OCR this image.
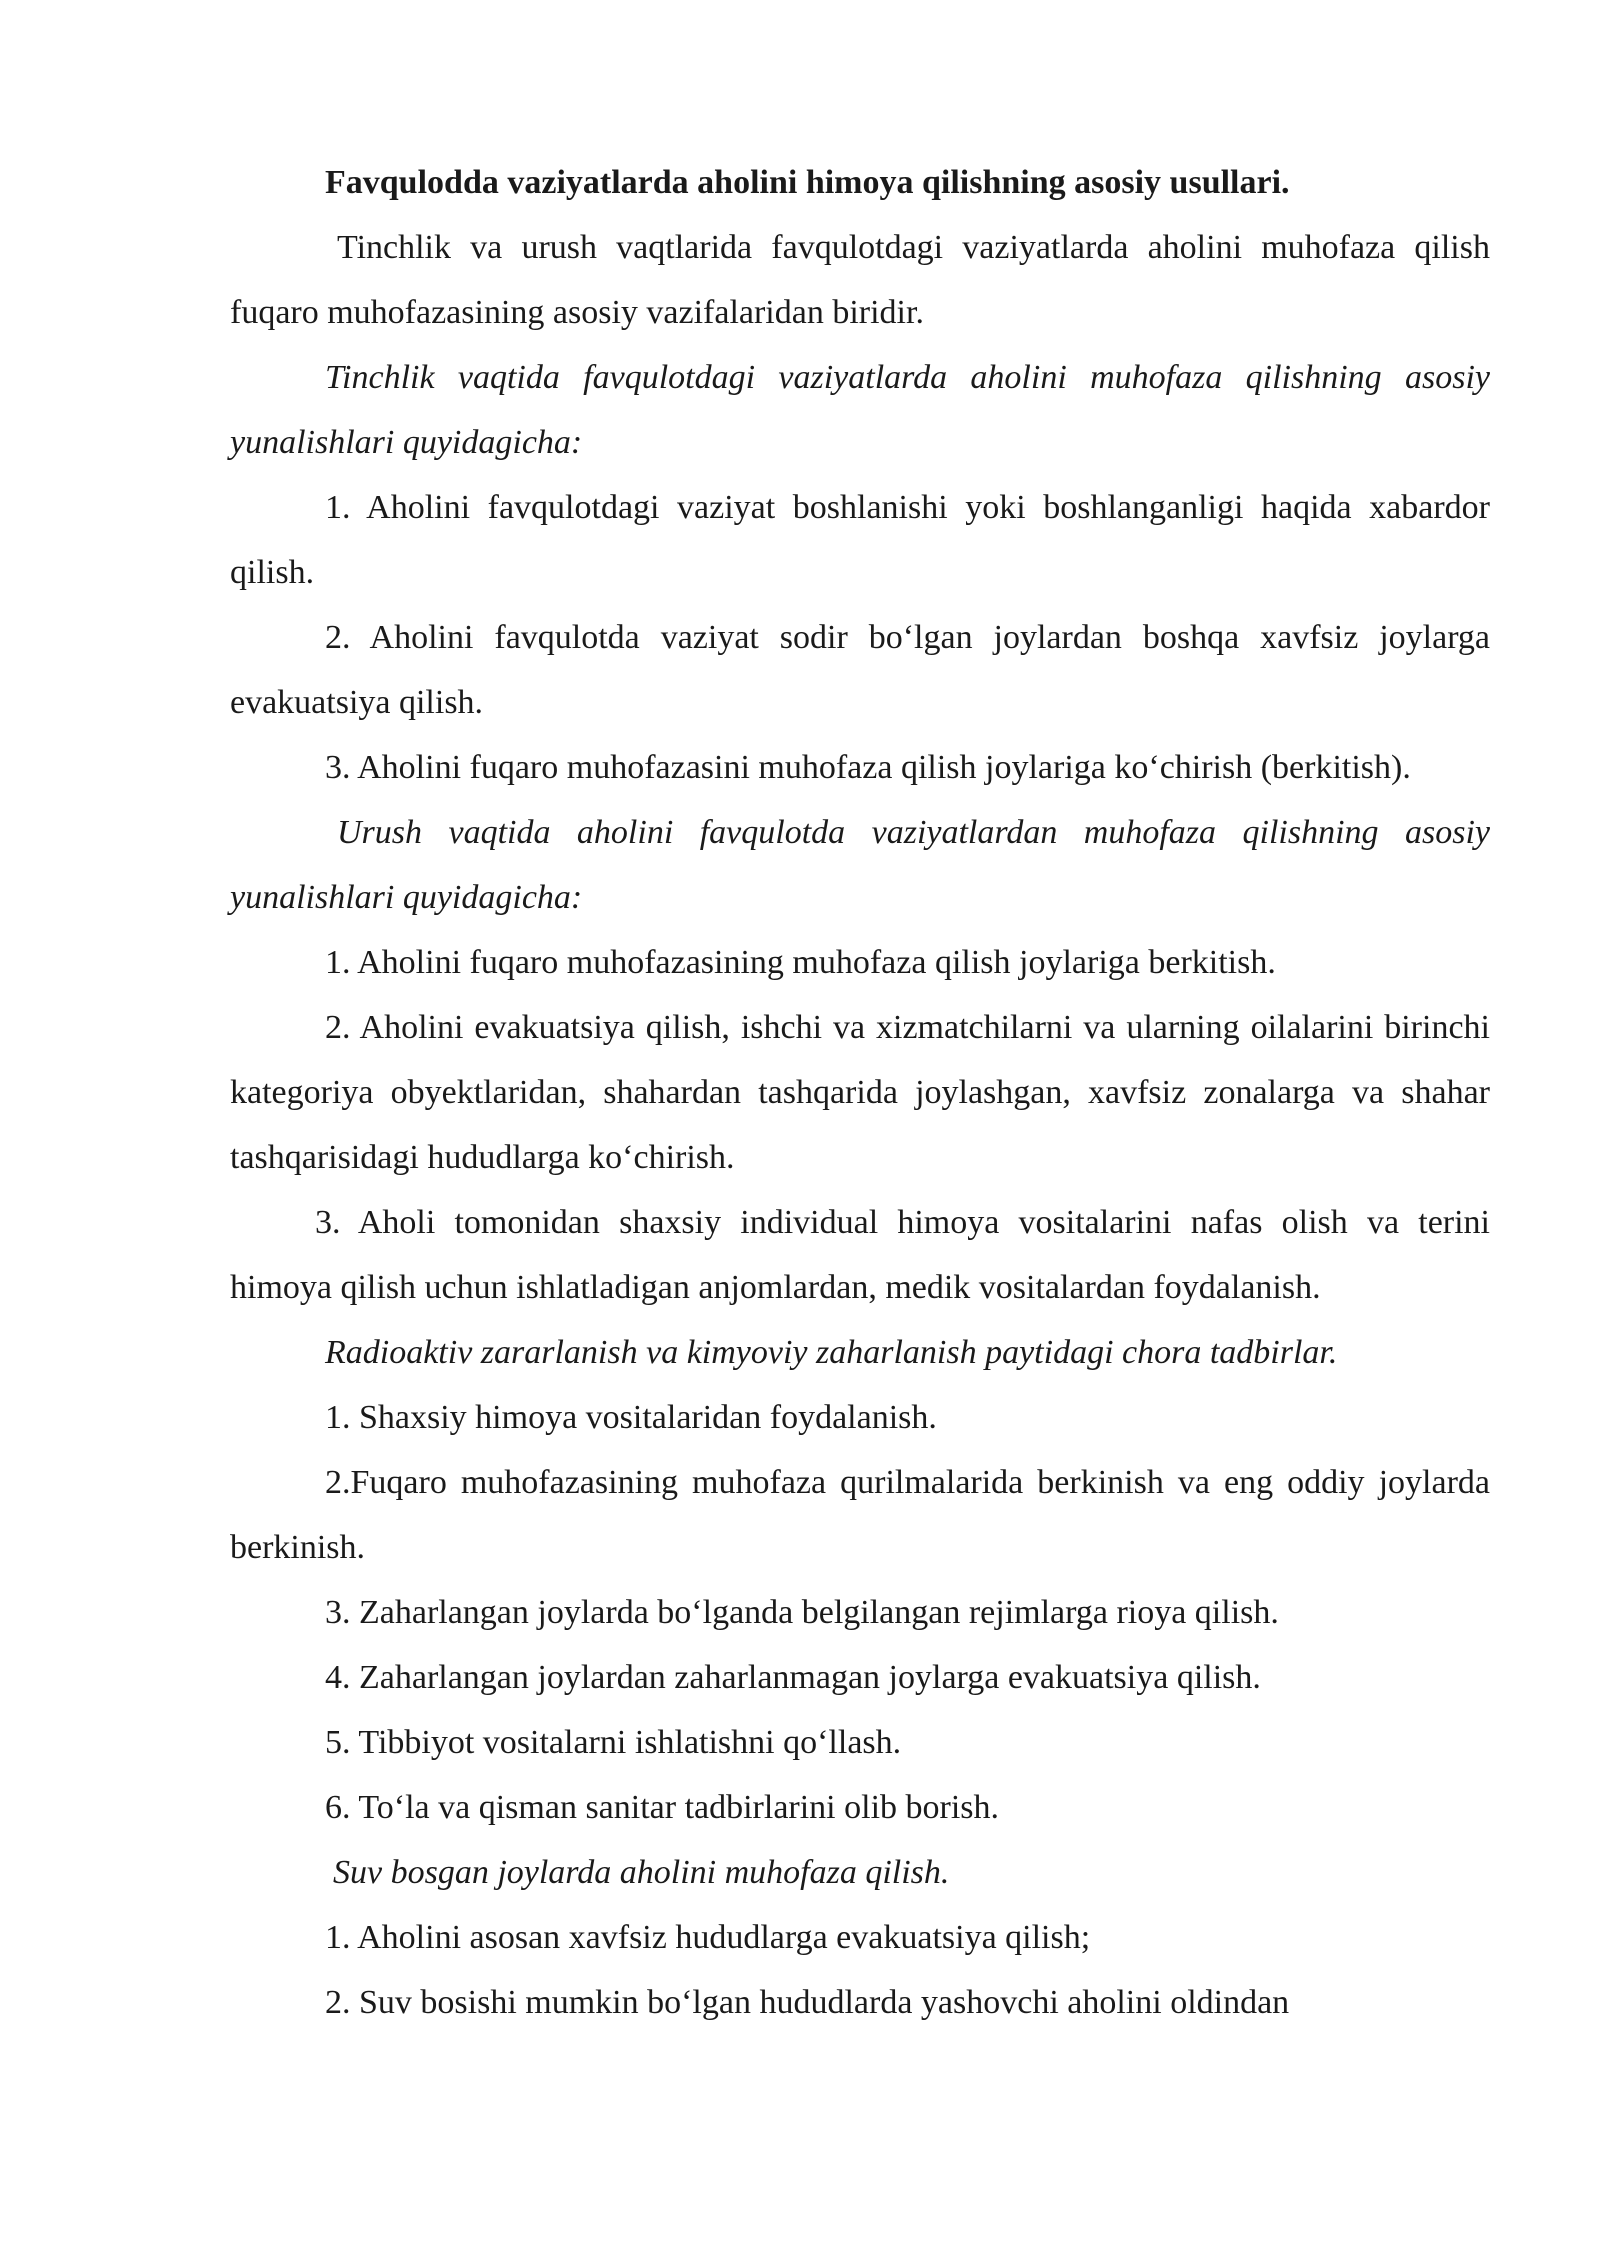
Favqulodda vaziyatlarda aholini himoya qilishning asosiy usullari.

Tinchlik va urush vaqtlarida favqulotdagi vaziyatlarda aholini muhofaza qilish fuqaro muhofazasining asosiy vazifalaridan biridir.

Tinchlik vaqtida favqulotdagi vaziyatlarda aholini muhofaza qilishning asosiy yunalishlari quyidagicha:

1. Aholini favqulotdagi vaziyat boshlanishi yoki boshlanganligi haqida xabardor qilish.

2. Aholini favqulotda vaziyat sodir bo‘lgan joylardan boshqa xavfsiz joylarga evakuatsiya qilish.

3. Aholini fuqaro muhofazasini muhofaza qilish joylariga ko‘chirish (berkitish).

Urush vaqtida aholini favqulotda vaziyatlardan muhofaza qilishning asosiy yunalishlari quyidagicha:

1. Aholini fuqaro muhofazasining muhofaza qilish joylariga berkitish.

2. Aholini evakuatsiya qilish, ishchi va xizmatchilarni va ularning oilalarini birinchi kategoriya obyektlaridan, shahardan tashqarida joylashgan, xavfsiz zonalarga va shahar tashqarisidagi hududlarga ko‘chirish.

3. Aholi tomonidan shaxsiy individual himoya vositalarini nafas olish va terini himoya qilish uchun ishlatladigan anjomlardan, medik vositalardan foydalanish.

Radioaktiv zararlanish va kimyoviy zaharlanish paytidagi chora tadbirlar.

1. Shaxsiy himoya vositalaridan foydalanish.

2.Fuqaro muhofazasining muhofaza qurilmalarida berkinish va eng oddiy joylarda berkinish.

3. Zaharlangan joylarda bo‘lganda belgilangan rejimlarga rioya qilish.

4. Zaharlangan joylardan zaharlanmagan joylarga evakuatsiya qilish.

5. Tibbiyot vositalarni ishlatishni qo‘llash.

6. To‘la va qisman sanitar tadbirlarini olib borish.

Suv bosgan joylarda aholini muhofaza qilish.

1. Aholini asosan xavfsiz hududlarga evakuatsiya qilish;

2. Suv bosishi mumkin bo‘lgan hududlarda yashovchi aholini oldindan
